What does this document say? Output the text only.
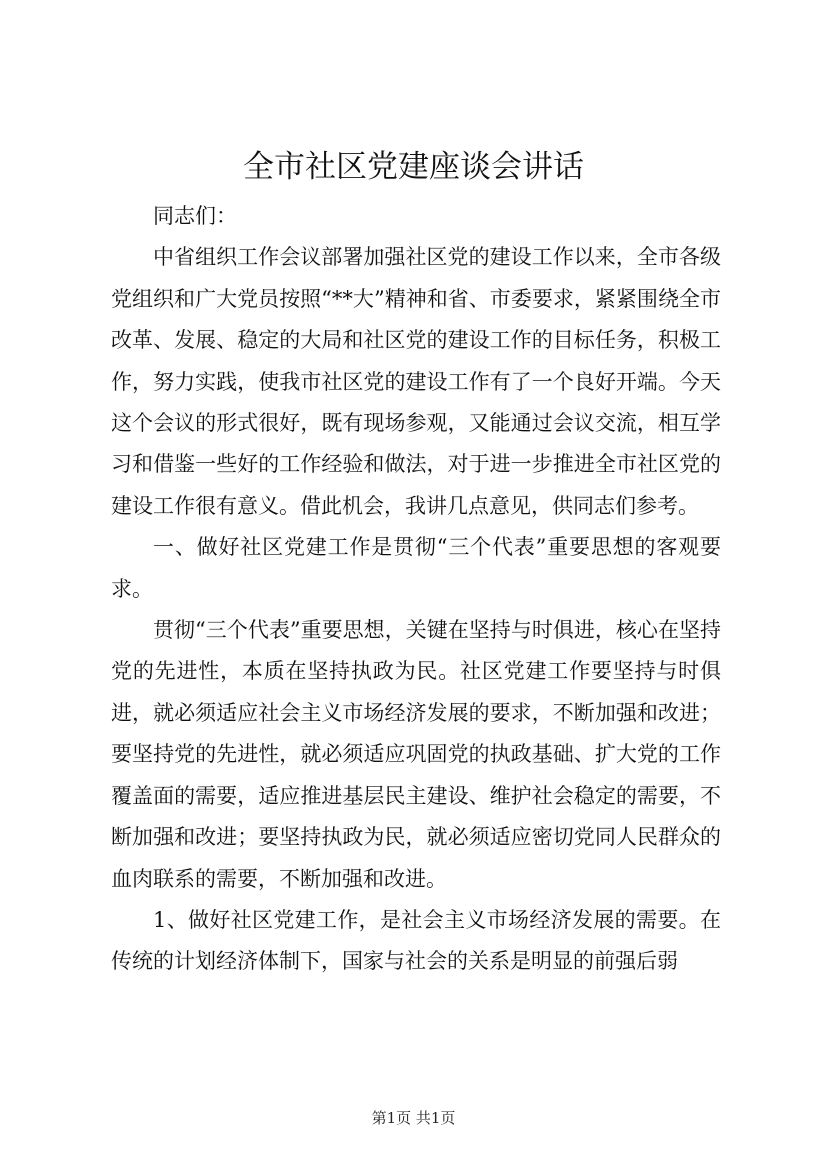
全市社区党建座谈会讲话

同志们：

中省组织工作会议部署加强社区党的建设工作以来，全市各级党组织和广大党员按照“**大”精神和省、市委要求，紧紧围绕全市改革、发展、稳定的大局和社区党的建设工作的目标任务，积极工作，努力实践，使我市社区党的建设工作有了一个良好开端。今天这个会议的形式很好，既有现场参观，又能通过会议交流，相互学习和借鉴一些好的工作经验和做法，对于进一步推进全市社区党的建设工作很有意义。借此机会，我讲几点意见，供同志们参考。

一、做好社区党建工作是贯彻“三个代表”重要思想的客观要求。

贯彻“三个代表”重要思想，关键在坚持与时俱进，核心在坚持党的先进性，本质在坚持执政为民。社区党建工作要坚持与时俱进，就必须适应社会主义市场经济发展的要求，不断加强和改进；要坚持党的先进性，就必须适应巩固党的执政基础、扩大党的工作覆盖面的需要，适应推进基层民主建设、维护社会稳定的需要，不断加强和改进；要坚持执政为民，就必须适应密切党同人民群众的血肉联系的需要，不断加强和改进。

1、做好社区党建工作，是社会主义市场经济发展的需要。在传统的计划经济体制下，国家与社会的关系是明显的前强后弱

第1页 共1页
